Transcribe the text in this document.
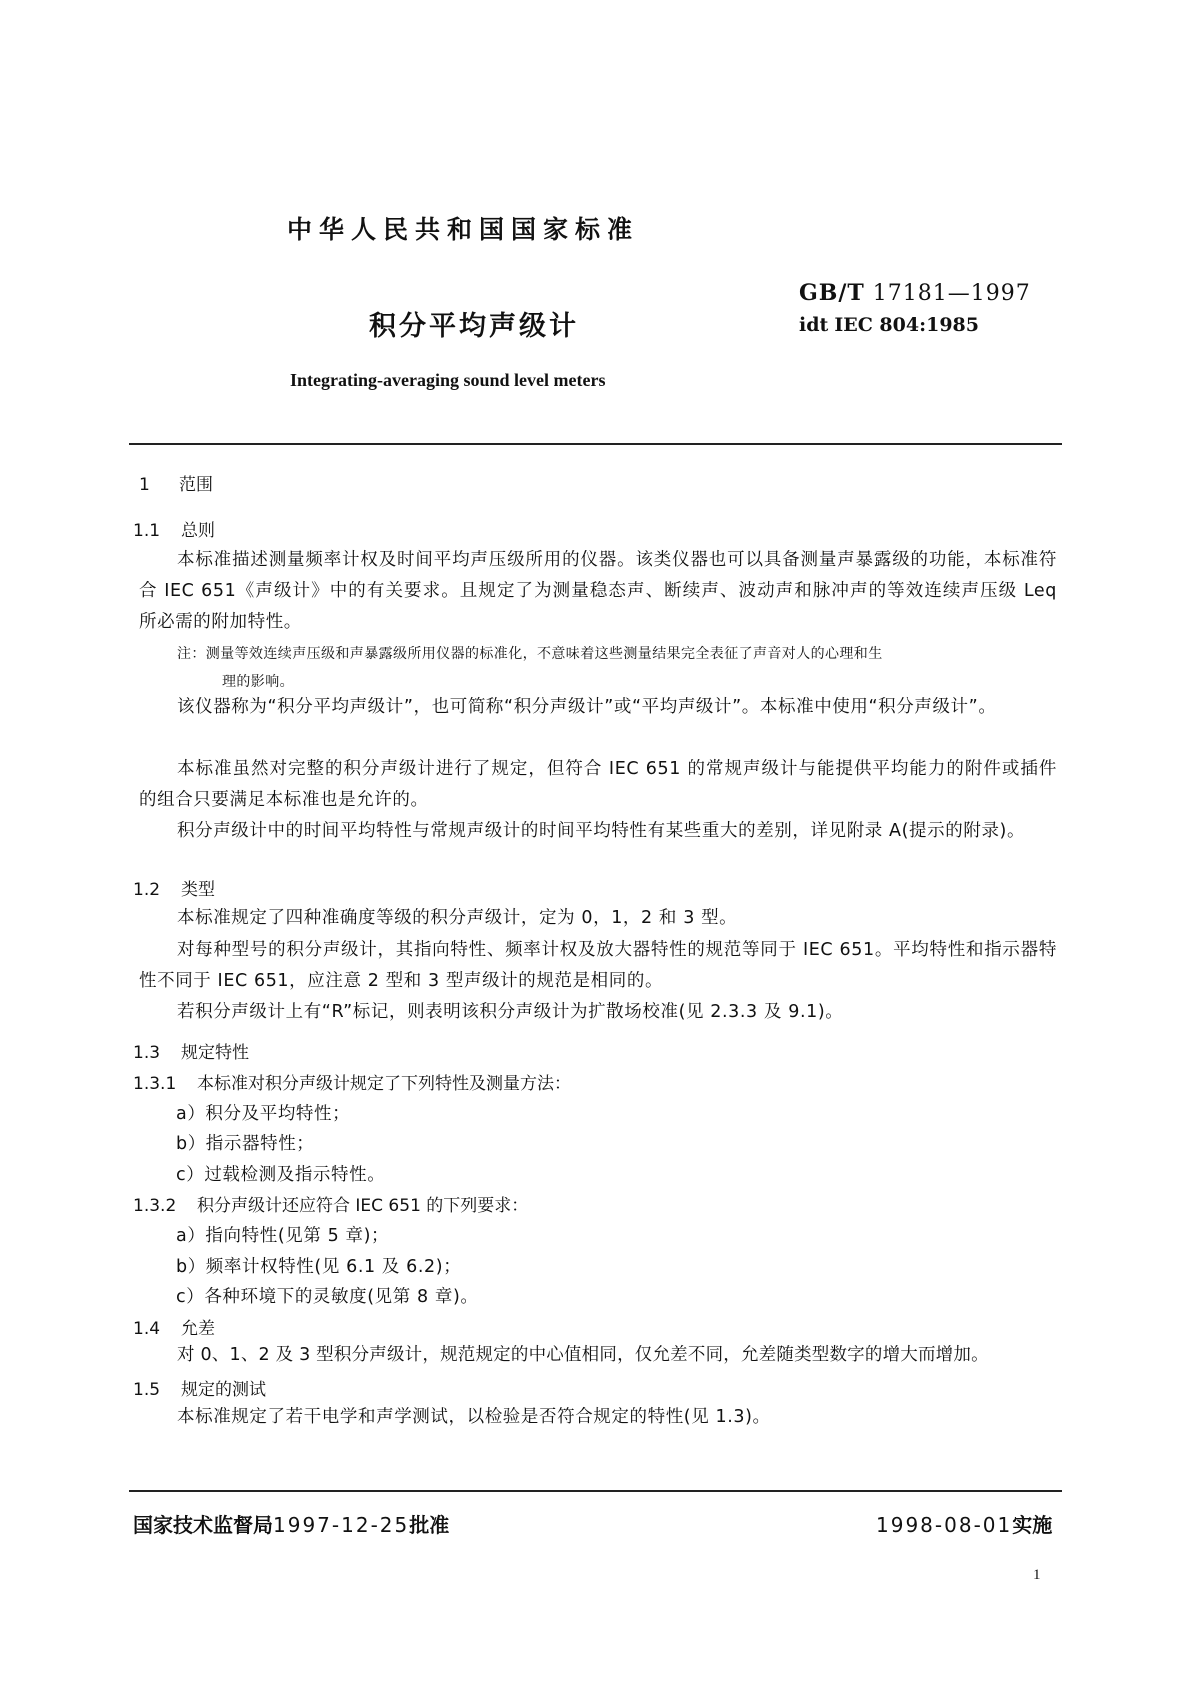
中华人民共和国国家标准
GB/T 17181—1997
idt IEC 804:1985
积分平均声级计
Integrating-averaging sound level meters
1 范围
1.1 总则
本标准描述测量频率计权及时间平均声压级所用的仪器。该类仪器也可以具备测量声暴露级的功能，本标准符合 IEC 651《声级计》中的有关要求。且规定了为测量稳态声、断续声、波动声和脉冲声的等效连续声压级 Leq 所必需的附加特性。
注：测量等效连续声压级和声暴露级所用仪器的标准化，不意味着这些测量结果完全表征了声音对人的心理和生
理的影响。
该仪器称为“积分平均声级计”，也可简称“积分声级计”或“平均声级计”。本标准中使用“积分声级计”。
本标准虽然对完整的积分声级计进行了规定，但符合 IEC 651 的常规声级计与能提供平均能力的附件或插件的组合只要满足本标准也是允许的。
积分声级计中的时间平均特性与常规声级计的时间平均特性有某些重大的差别，详见附录 A(提示的附录)。
1.2 类型
本标准规定了四种准确度等级的积分声级计，定为 0，1，2 和 3 型。
对每种型号的积分声级计，其指向特性、频率计权及放大器特性的规范等同于 IEC 651。平均特性和指示器特性不同于 IEC 651，应注意 2 型和 3 型声级计的规范是相同的。
若积分声级计上有“R”标记，则表明该积分声级计为扩散场校准(见 2.3.3 及 9.1)。
1.3 规定特性
1.3.1 本标准对积分声级计规定了下列特性及测量方法：
a）积分及平均特性；
b）指示器特性；
c）过载检测及指示特性。
1.3.2 积分声级计还应符合 IEC 651 的下列要求：
a）指向特性(见第 5 章)；
b）频率计权特性(见 6.1 及 6.2)；
c）各种环境下的灵敏度(见第 8 章)。
1.4 允差
对 0、1、2 及 3 型积分声级计，规范规定的中心值相同，仅允差不同，允差随类型数字的增大而增加。
1.5 规定的测试
本标准规定了若干电学和声学测试，以检验是否符合规定的特性(见 1.3)。
国家技术监督局1997-12-25批准	1998-08-01实施
1
